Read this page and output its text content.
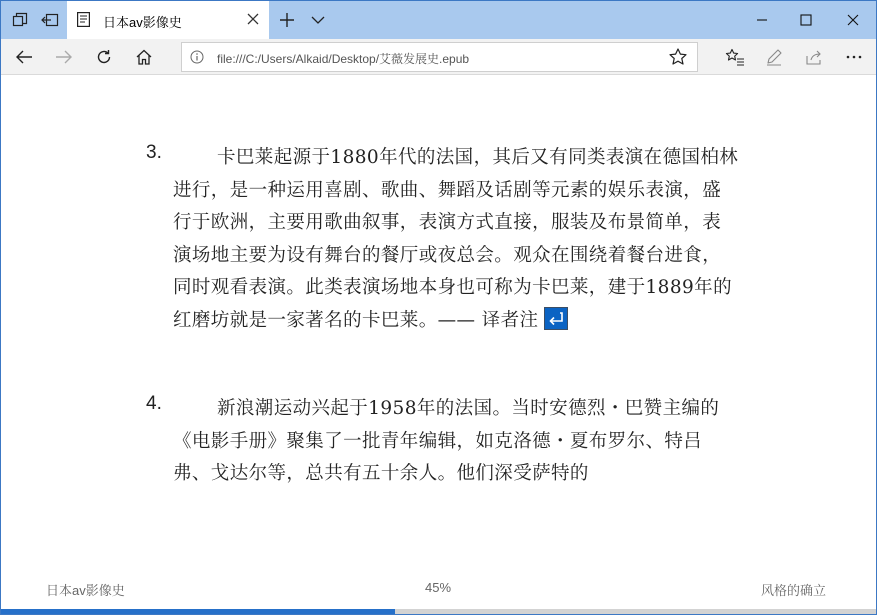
日本av影像史
file:///C:/Users/Alkaid/Desktop/艾薇发展史.epub
3.	卡巴莱起源于1880年代的法国，其后又有同类表演在德国柏林进行，是一种运用喜剧、歌曲、舞蹈及话剧等元素的娱乐表演，盛行于欧洲，主要用歌曲叙事，表演方式直接，服装及布景简单，表演场地主要为设有舞台的餐厅或夜总会。观众在围绕着餐台进食，同时观看表演。此类表演场地本身也可称为卡巴莱，建于1889年的红磨坊就是一家著名的卡巴莱。—— 译者注
4.	新浪潮运动兴起于1958年的法国。当时安德烈・巴赞主编的《电影手册》聚集了一批青年编辑，如克洛德・夏布罗尔、特吕弗、戈达尔等，总共有五十余人。他们深受萨特的
日本av影像史	45%	风格的确立
